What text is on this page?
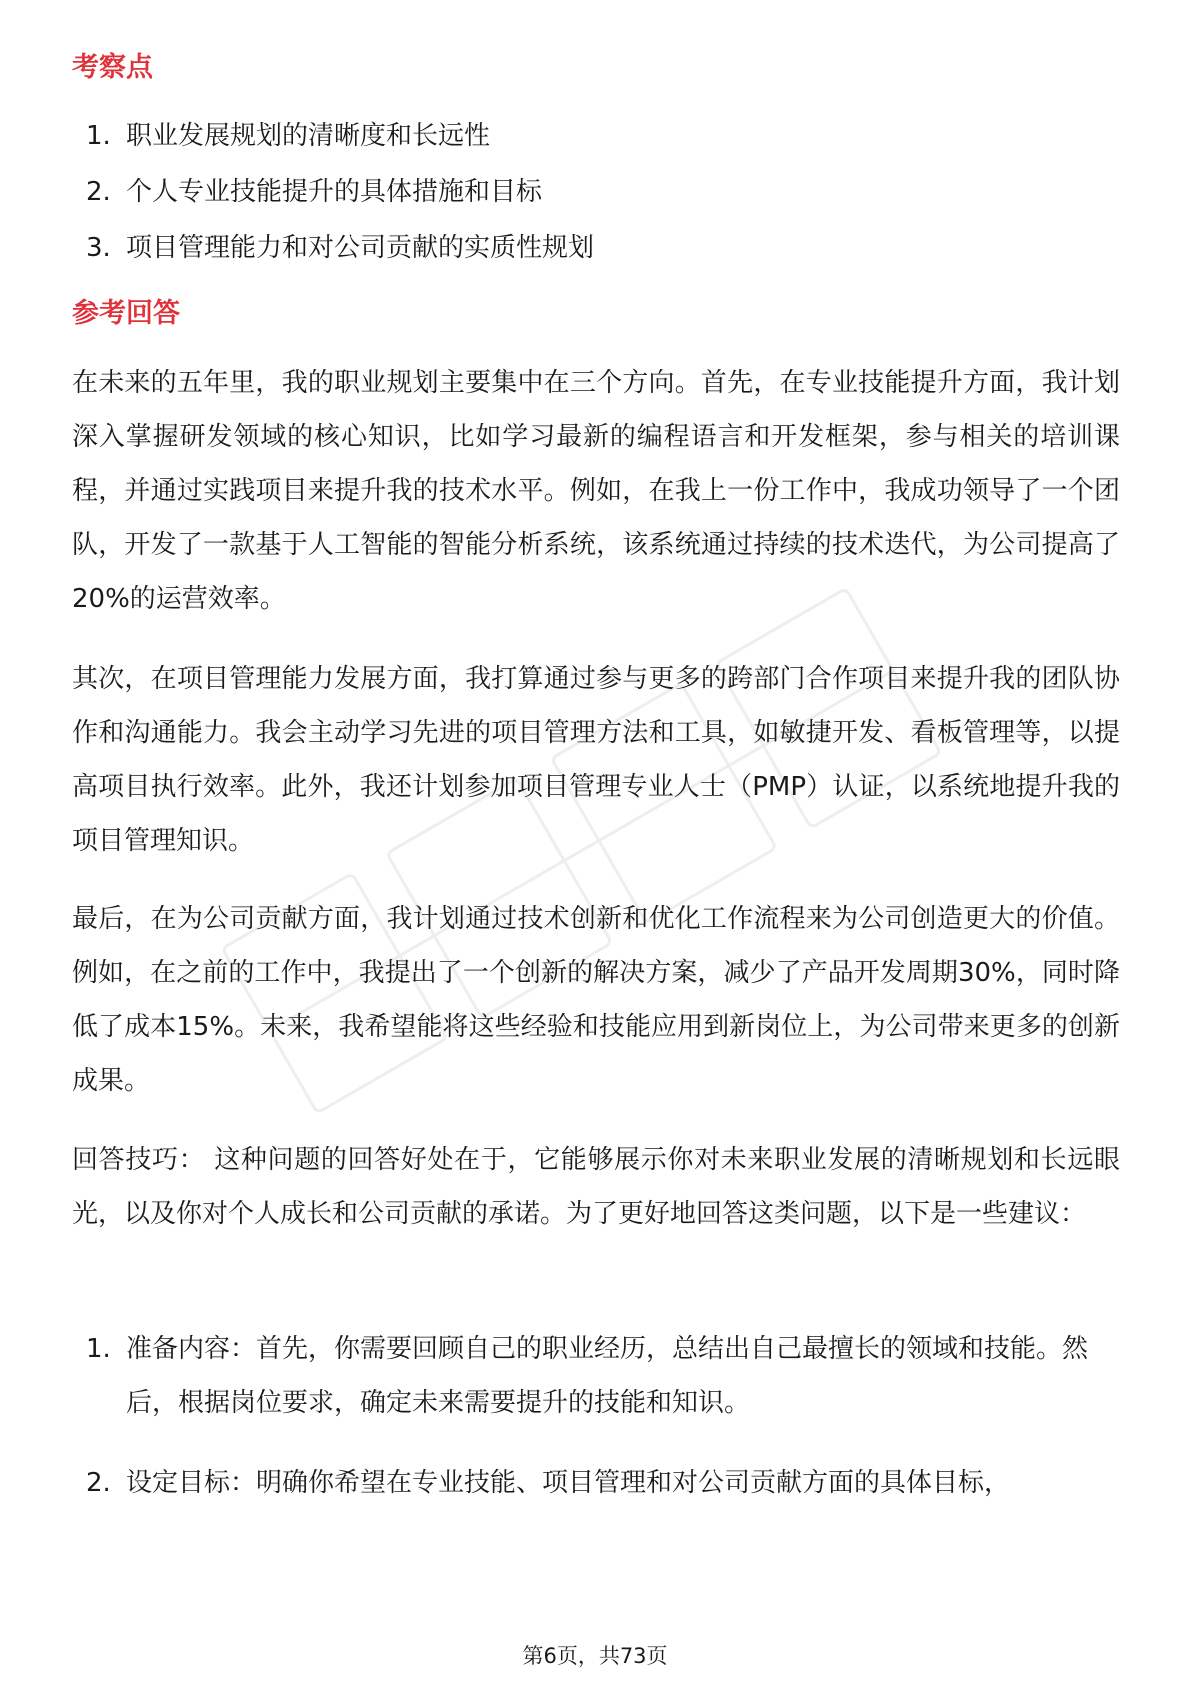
考察点
1. 职业发展规划的清晰度和长远性
2. 个人专业技能提升的具体措施和目标
3. 项目管理能力和对公司贡献的实质性规划
参考回答

在未来的五年里，我的职业规划主要集中在三个方向。首先，在专业技能提升方面，我计划深入掌握研发领域的核心知识，比如学习最新的编程语言和开发框架，参与相关的培训课程，并通过实践项目来提升我的技术水平。例如，在我上一份工作中，我成功领导了一个团队，开发了一款基于人工智能的智能分析系统，该系统通过持续的技术迭代，为公司提高了20%的运营效率。

其次，在项目管理能力发展方面，我打算通过参与更多的跨部门合作项目来提升我的团队协作和沟通能力。我会主动学习先进的项目管理方法和工具，如敏捷开发、看板管理等，以提高项目执行效率。此外，我还计划参加项目管理专业人士（PMP）认证，以系统地提升我的项目管理知识。

最后，在为公司贡献方面，我计划通过技术创新和优化工作流程来为公司创造更大的价值。例如，在之前的工作中，我提出了一个创新的解决方案，减少了产品开发周期30%，同时降低了成本15%。未来，我希望能将这些经验和技能应用到新岗位上，为公司带来更多的创新成果。

回答技巧： 这种问题的回答好处在于，它能够展示你对未来职业发展的清晰规划和长远眼光，以及你对个人成长和公司贡献的承诺。为了更好地回答这类问题，以下是一些建议：

1. 准备内容：首先，你需要回顾自己的职业经历，总结出自己最擅长的领域和技能。然后，根据岗位要求，确定未来需要提升的技能和知识。
2. 设定目标：明确你希望在专业技能、项目管理和对公司贡献方面的具体目标，
第6页，共73页
